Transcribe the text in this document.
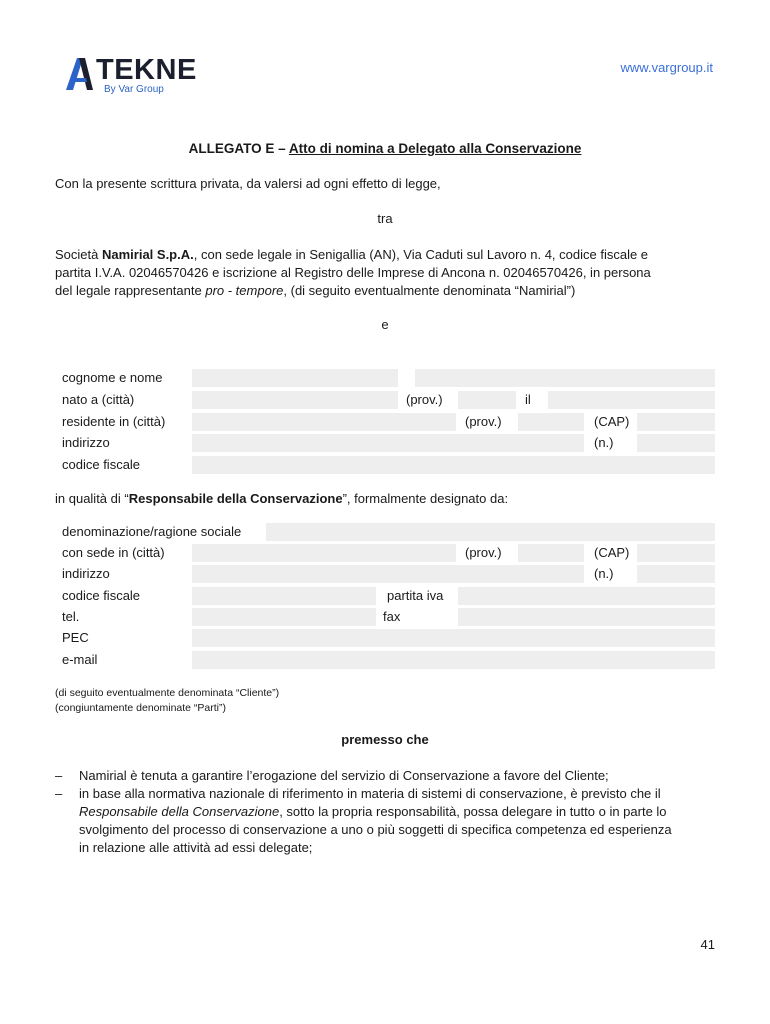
TEKNE
By Var Group
www.vargroup.it
ALLEGATO E – Atto di nomina a Delegato alla Conservazione
Con la presente scrittura privata, da valersi ad ogni effetto di legge,
tra
Società Namirial S.p.A., con sede legale in Senigallia (AN), Via Caduti sul Lavoro n. 4, codice fiscale e
partita I.V.A. 02046570426 e iscrizione al Registro delle Imprese di Ancona n. 02046570426, in persona
del legale rappresentante pro - tempore, (di seguito eventualmente denominata “Namirial”)
e
cognome e nome
nato a (città)	(prov.)	il
residente in (città)	(prov.)	(CAP)
indirizzo	(n.)
codice fiscale
in qualità di “Responsabile della Conservazione”, formalmente designato da:
denominazione/ragione sociale
con sede in (città)	(prov.)	(CAP)
indirizzo	(n.)
codice fiscale	partita iva
tel.	fax
PEC
e-mail
(di seguito eventualmente denominata “Cliente”)
(congiuntamente denominate “Parti”)
premesso che
– Namirial è tenuta a garantire l’erogazione del servizio di Conservazione a favore del Cliente;
– in base alla normativa nazionale di riferimento in materia di sistemi di conservazione, è previsto che il
Responsabile della Conservazione, sotto la propria responsabilità, possa delegare in tutto o in parte lo
svolgimento del processo di conservazione a uno o più soggetti di specifica competenza ed esperienza
in relazione alle attività ad essi delegate;
41
